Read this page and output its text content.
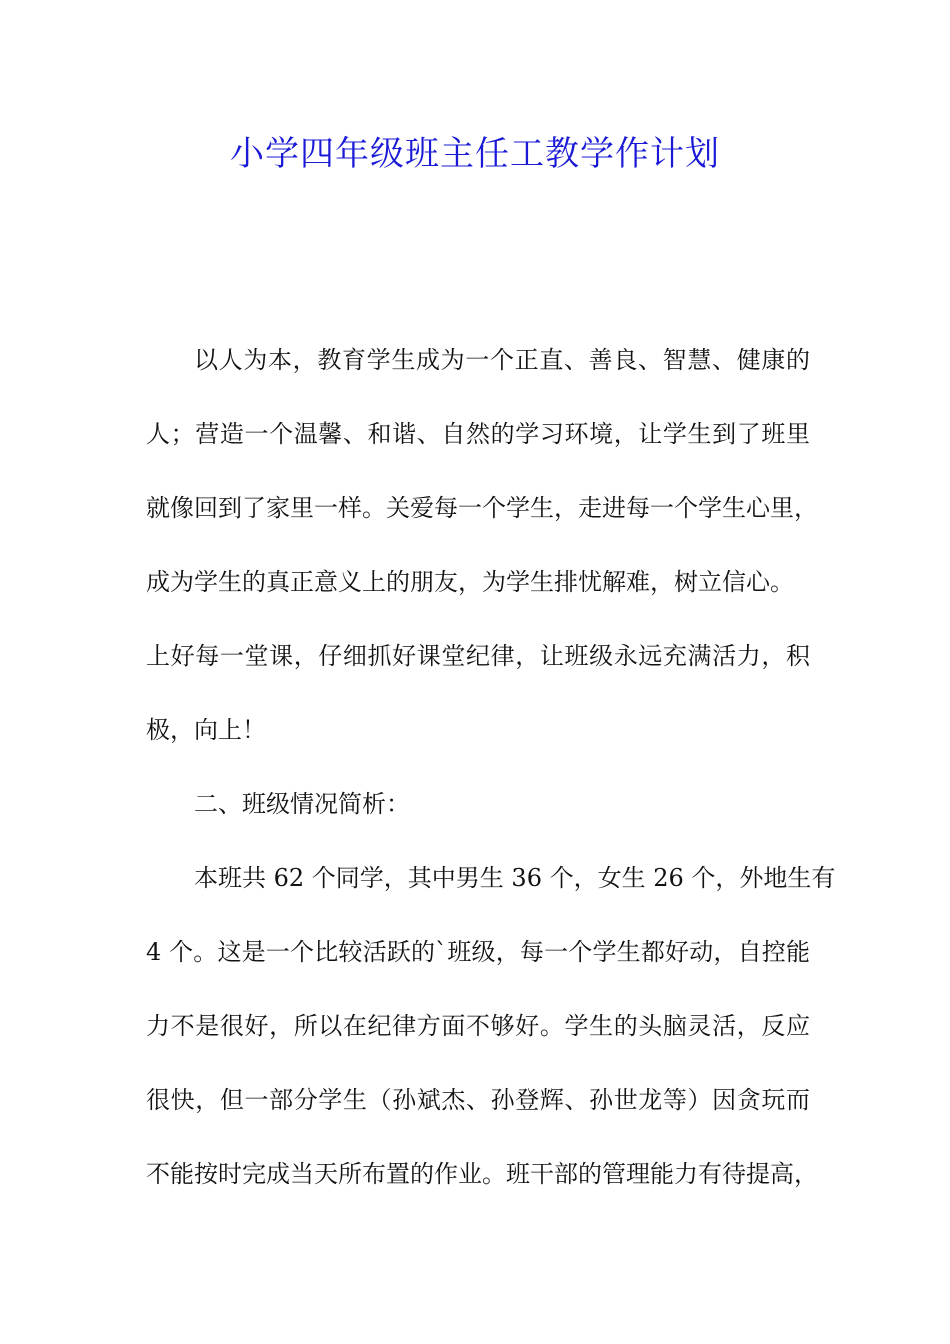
小学四年级班主任工教学作计划
以人为本，教育学生成为一个正直、善良、智慧、健康的
人；营造一个温馨、和谐、自然的学习环境，让学生到了班里
就像回到了家里一样。关爱每一个学生，走进每一个学生心里，
成为学生的真正意义上的朋友，为学生排忧解难，树立信心。
上好每一堂课，仔细抓好课堂纪律，让班级永远充满活力，积
极，向上！
二、班级情况简析：
本班共 62 个同学，其中男生 36 个，女生 26 个，外地生有
4 个。这是一个比较活跃的`班级，每一个学生都好动，自控能
力不是很好，所以在纪律方面不够好。学生的头脑灵活，反应
很快，但一部分学生（孙斌杰、孙登辉、孙世龙等）因贪玩而
不能按时完成当天所布置的作业。班干部的管理能力有待提高，
